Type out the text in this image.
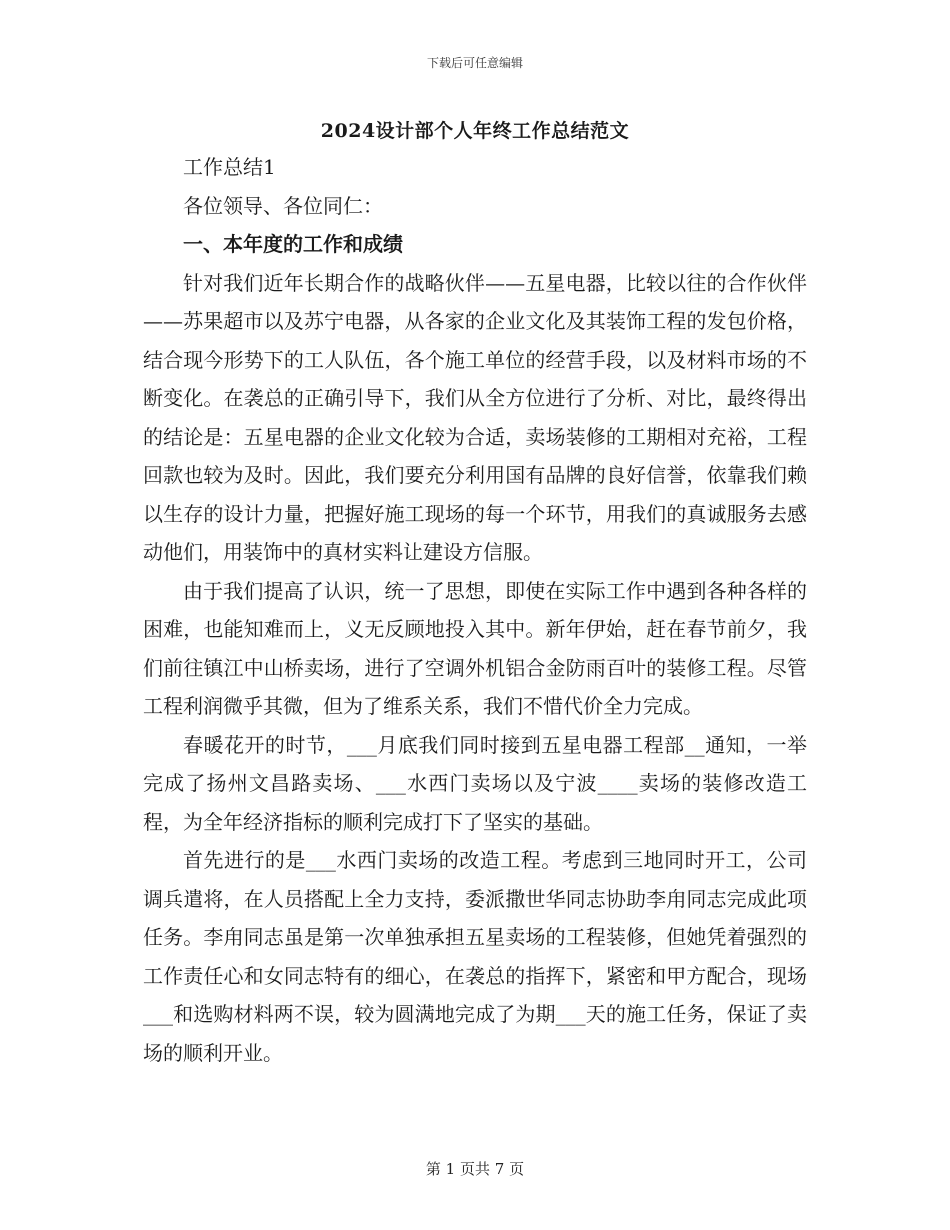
下载后可任意编辑
2024设计部个人年终工作总结范文

工作总结1

各位领导、各位同仁：

一、本年度的工作和成绩

针对我们近年长期合作的战略伙伴——五星电器，比较以往的合作伙伴——苏果超市以及苏宁电器，从各家的企业文化及其装饰工程的发包价格，结合现今形势下的工人队伍，各个施工单位的经营手段，以及材料市场的不断变化。在袭总的正确引导下，我们从全方位进行了分析、对比，最终得出的结论是：五星电器的企业文化较为合适，卖场装修的工期相对充裕，工程回款也较为及时。因此，我们要充分利用国有品牌的良好信誉，依靠我们赖以生存的设计力量，把握好施工现场的每一个环节，用我们的真诚服务去感动他们，用装饰中的真材实料让建设方信服。

由于我们提高了认识，统一了思想，即使在实际工作中遇到各种各样的困难，也能知难而上，义无反顾地投入其中。新年伊始，赶在春节前夕，我们前往镇江中山桥卖场，进行了空调外机铝合金防雨百叶的装修工程。尽管工程利润微乎其微，但为了维系关系，我们不惜代价全力完成。

春暖花开的时节，___月底我们同时接到五星电器工程部__通知，一举完成了扬州文昌路卖场、___水西门卖场以及宁波____卖场的装修改造工程，为全年经济指标的顺利完成打下了坚实的基础。

首先进行的是___水西门卖场的改造工程。考虑到三地同时开工，公司调兵遣将，在人员搭配上全力支持，委派撒世华同志协助李甪同志完成此项任务。李甪同志虽是第一次单独承担五星卖场的工程装修，但她凭着强烈的工作责任心和女同志特有的细心，在袭总的指挥下，紧密和甲方配合，现场___和选购材料两不误，较为圆满地完成了为期___天的施工任务，保证了卖场的顺利开业。

第 1 页共 7 页
